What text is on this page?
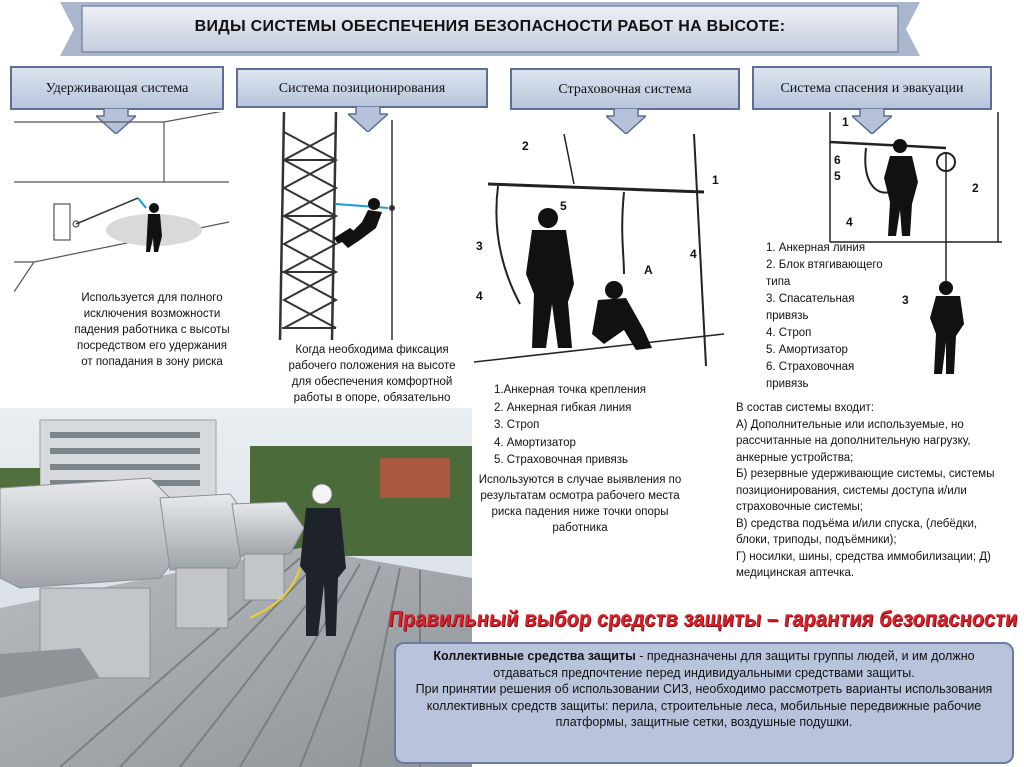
ВИДЫ СИСТЕМЫ ОБЕСПЕЧЕНИЯ БЕЗОПАСНОСТИ РАБОТ НА ВЫСОТЕ:
Удерживающая система	Система позиционирования	Страховочная система	Система спасения и эвакуации
Используется для полного исключения возможности падения работника с высоты посредством его удержания от попадания в зону риска
Когда необходима фиксация рабочего положения на высоте для обеспечения комфортной работы в опоре, обязательно
1
2
3
4
5
4
А
1.Анкерная точка крепления
2. Анкерная гибкая линия
3. Строп
4. Амортизатор
5. Страховочная привязь
Используются в случае выявления по результатам осмотра рабочего места риска падения ниже точки опоры работника
1
6
5
4
2
3
1. Анкерная линия
2. Блок втягивающего типа
3. Спасательная привязь
4. Строп
5. Амортизатор
6. Страховочная привязь
В состав системы входит:
А) Дополнительные или используемые, но рассчитанные на дополнительную нагрузку, анкерные устройства;
Б) резервные удерживающие системы, системы позиционирования, системы доступа и/или страховочные системы;
В) средства подъёма и/или спуска, (лебёдки, блоки, триподы, подъёмники);
Г) носилки, шины, средства иммобилизации; Д) медицинская аптечка.
Правильный выбор средств защиты – гарантия безопасности
Коллективные средства защиты - предназначены для защиты группы людей, и им должно отдаваться предпочтение перед индивидуальными средствами защиты.
При принятии решения об использовании СИЗ, необходимо рассмотреть варианты использования коллективных средств защиты: перила, строительные леса, мобильные передвижные рабочие платформы, защитные сетки, воздушные подушки.
